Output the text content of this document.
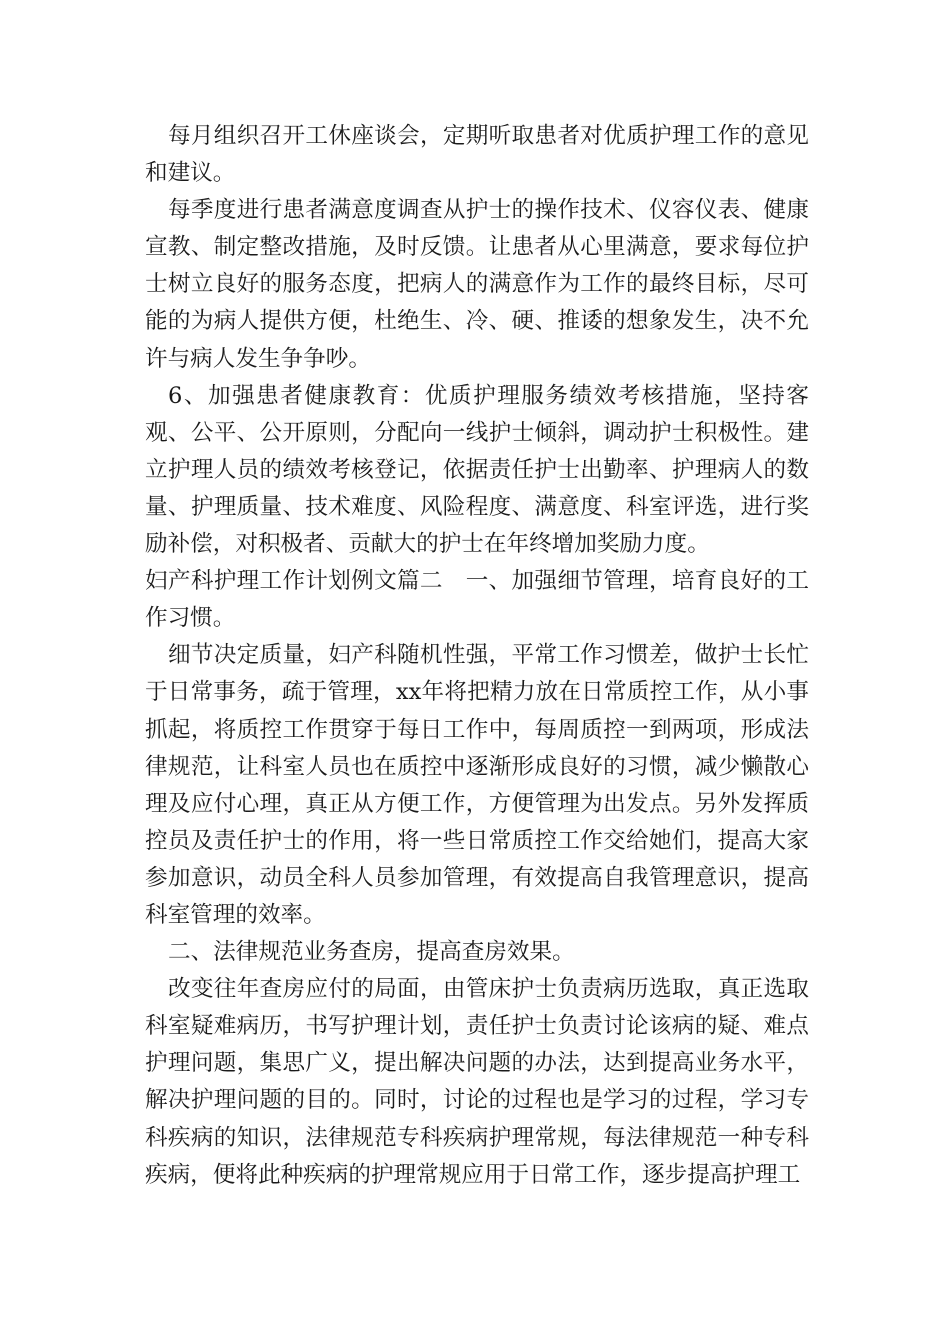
每月组织召开工休座谈会，定期听取患者对优质护理工作的意见和建议。

每季度进行患者满意度调查从护士的操作技术、仪容仪表、健康宣教、制定整改措施，及时反馈。让患者从心里满意，要求每位护士树立良好的服务态度，把病人的满意作为工作的最终目标，尽可能的为病人提供方便，杜绝生、冷、硬、推诿的想象发生，决不允许与病人发生争争吵。

6、加强患者健康教育：优质护理服务绩效考核措施，坚持客观、公平、公开原则，分配向一线护士倾斜，调动护士积极性。建立护理人员的绩效考核登记，依据责任护士出勤率、护理病人的数量、护理质量、技术难度、风险程度、满意度、科室评选，进行奖励补偿，对积极者、贡献大的护士在年终增加奖励力度。

妇产科护理工作计划例文篇二　一、加强细节管理，培育良好的工作习惯。

细节决定质量，妇产科随机性强，平常工作习惯差，做护士长忙于日常事务，疏于管理，xx年将把精力放在日常质控工作，从小事抓起，将质控工作贯穿于每日工作中，每周质控一到两项，形成法律规范，让科室人员也在质控中逐渐形成良好的习惯，减少懒散心理及应付心理，真正从方便工作，方便管理为出发点。另外发挥质控员及责任护士的作用，将一些日常质控工作交给她们，提高大家参加意识，动员全科人员参加管理，有效提高自我管理意识，提高科室管理的效率。

二、法律规范业务查房，提高查房效果。

改变往年查房应付的局面，由管床护士负责病历选取，真正选取科室疑难病历，书写护理计划，责任护士负责讨论该病的疑、难点护理问题，集思广义，提出解决问题的办法，达到提高业务水平，解决护理问题的目的。同时，讨论的过程也是学习的过程，学习专科疾病的知识，法律规范专科疾病护理常规，每法律规范一种专科疾病，便将此种疾病的护理常规应用于日常工作，逐步提高护理工
